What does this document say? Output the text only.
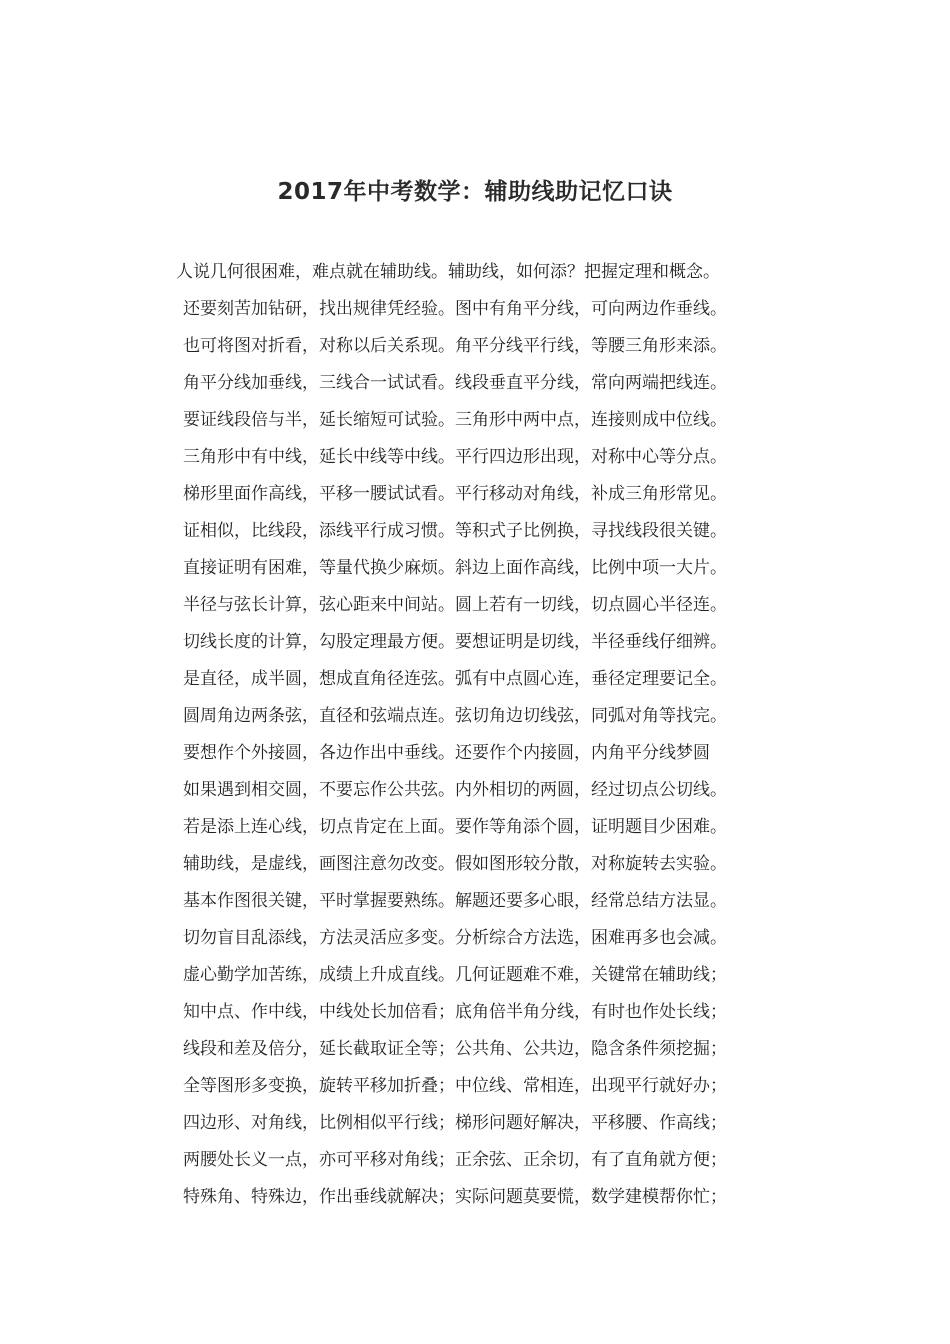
2017年中考数学：辅助线助记忆口诀
人说几何很困难，难点就在辅助线。辅助线，如何添？把握定理和概念。
还要刻苦加钻研，找出规律凭经验。图中有角平分线，可向两边作垂线。
也可将图对折看，对称以后关系现。角平分线平行线，等腰三角形来添。
角平分线加垂线，三线合一试试看。线段垂直平分线，常向两端把线连。
要证线段倍与半，延长缩短可试验。三角形中两中点，连接则成中位线。
三角形中有中线，延长中线等中线。平行四边形出现，对称中心等分点。
梯形里面作高线，平移一腰试试看。平行移动对角线，补成三角形常见。
证相似，比线段，添线平行成习惯。等积式子比例换，寻找线段很关键。
直接证明有困难，等量代换少麻烦。斜边上面作高线，比例中项一大片。
半径与弦长计算，弦心距来中间站。圆上若有一切线，切点圆心半径连。
切线长度的计算，勾股定理最方便。要想证明是切线，半径垂线仔细辨。
是直径，成半圆，想成直角径连弦。弧有中点圆心连，垂径定理要记全。
圆周角边两条弦，直径和弦端点连。弦切角边切线弦，同弧对角等找完。
要想作个外接圆，各边作出中垂线。还要作个内接圆，内角平分线梦圆
如果遇到相交圆，不要忘作公共弦。内外相切的两圆，经过切点公切线。
若是添上连心线，切点肯定在上面。要作等角添个圆，证明题目少困难。
辅助线，是虚线，画图注意勿改变。假如图形较分散，对称旋转去实验。
基本作图很关键，平时掌握要熟练。解题还要多心眼，经常总结方法显。
切勿盲目乱添线，方法灵活应多变。分析综合方法选，困难再多也会减。
虚心勤学加苦练，成绩上升成直线。几何证题难不难，关键常在辅助线；
知中点、作中线，中线处长加倍看；底角倍半角分线，有时也作处长线；
线段和差及倍分，延长截取证全等；公共角、公共边，隐含条件须挖掘；
全等图形多变换，旋转平移加折叠；中位线、常相连，出现平行就好办；
四边形、对角线，比例相似平行线；梯形问题好解决，平移腰、作高线；
两腰处长义一点，亦可平移对角线；正余弦、正余切，有了直角就方便；
特殊角、特殊边，作出垂线就解决；实际问题莫要慌，数学建模帮你忙；
